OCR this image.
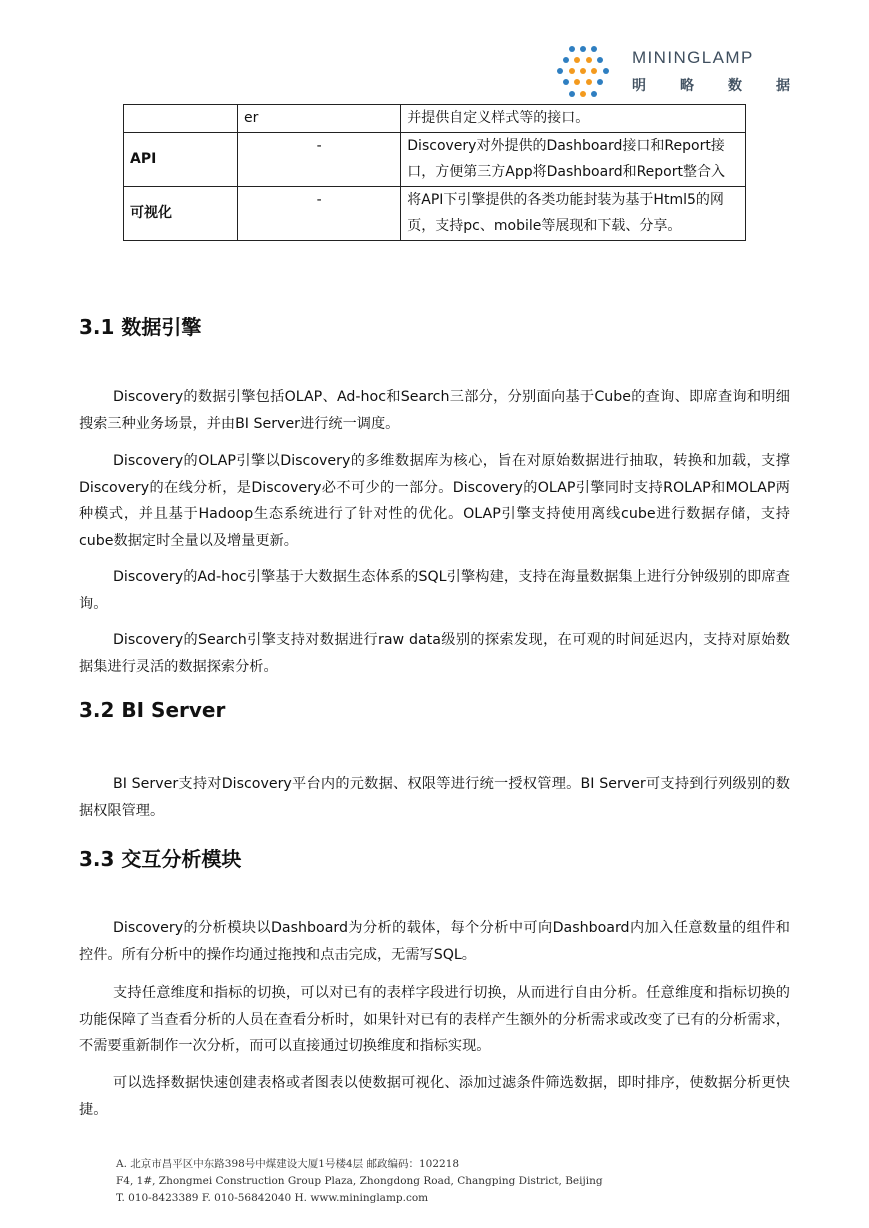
MININGLAMP
明 略 数 据
	er	并提供自定义样式等的接口。
API	-	Discovery对外提供的Dashboard接口和Report接口，方便第三方App将Dashboard和Report整合入
可视化	-	将API下引擎提供的各类功能封装为基于Html5的网页，支持pc、mobile等展现和下载、分享。
3.1 数据引擎

Discovery的数据引擎包括OLAP、Ad-hoc和Search三部分，分别面向基于Cube的查询、即席查询和明细搜索三种业务场景，并由BI Server进行统一调度。

Discovery的OLAP引擎以Discovery的多维数据库为核心，旨在对原始数据进行抽取，转换和加载，支撑Discovery的在线分析，是Discovery必不可少的一部分。Discovery的OLAP引擎同时支持ROLAP和MOLAP两种模式，并且基于Hadoop生态系统进行了针对性的优化。OLAP引擎支持使用离线cube进行数据存储，支持cube数据定时全量以及增量更新。

Discovery的Ad-hoc引擎基于大数据生态体系的SQL引擎构建，支持在海量数据集上进行分钟级别的即席查询。

Discovery的Search引擎支持对数据进行raw data级别的探索发现，在可观的时间延迟内，支持对原始数据集进行灵活的数据探索分析。

3.2 BI Server

BI Server支持对Discovery平台内的元数据、权限等进行统一授权管理。BI Server可支持到行列级别的数据权限管理。

3.3 交互分析模块

Discovery的分析模块以Dashboard为分析的载体，每个分析中可向Dashboard内加入任意数量的组件和控件。所有分析中的操作均通过拖拽和点击完成，无需写SQL。

支持任意维度和指标的切换，可以对已有的表样字段进行切换，从而进行自由分析。任意维度和指标切换的功能保障了当查看分析的人员在查看分析时，如果针对已有的表样产生额外的分析需求或改变了已有的分析需求，不需要重新制作一次分析，而可以直接通过切换维度和指标实现。

可以选择数据快速创建表格或者图表以使数据可视化、添加过滤条件筛选数据，即时排序，使数据分析更快捷。

A. 北京市昌平区中东路398号中煤建设大厦1号楼4层 邮政编码：102218
F4, 1#, Zhongmei Construction Group Plaza, Zhongdong Road, Changping District, Beijing
T. 010-8423389 F. 010-56842040 H. www.mininglamp.com
